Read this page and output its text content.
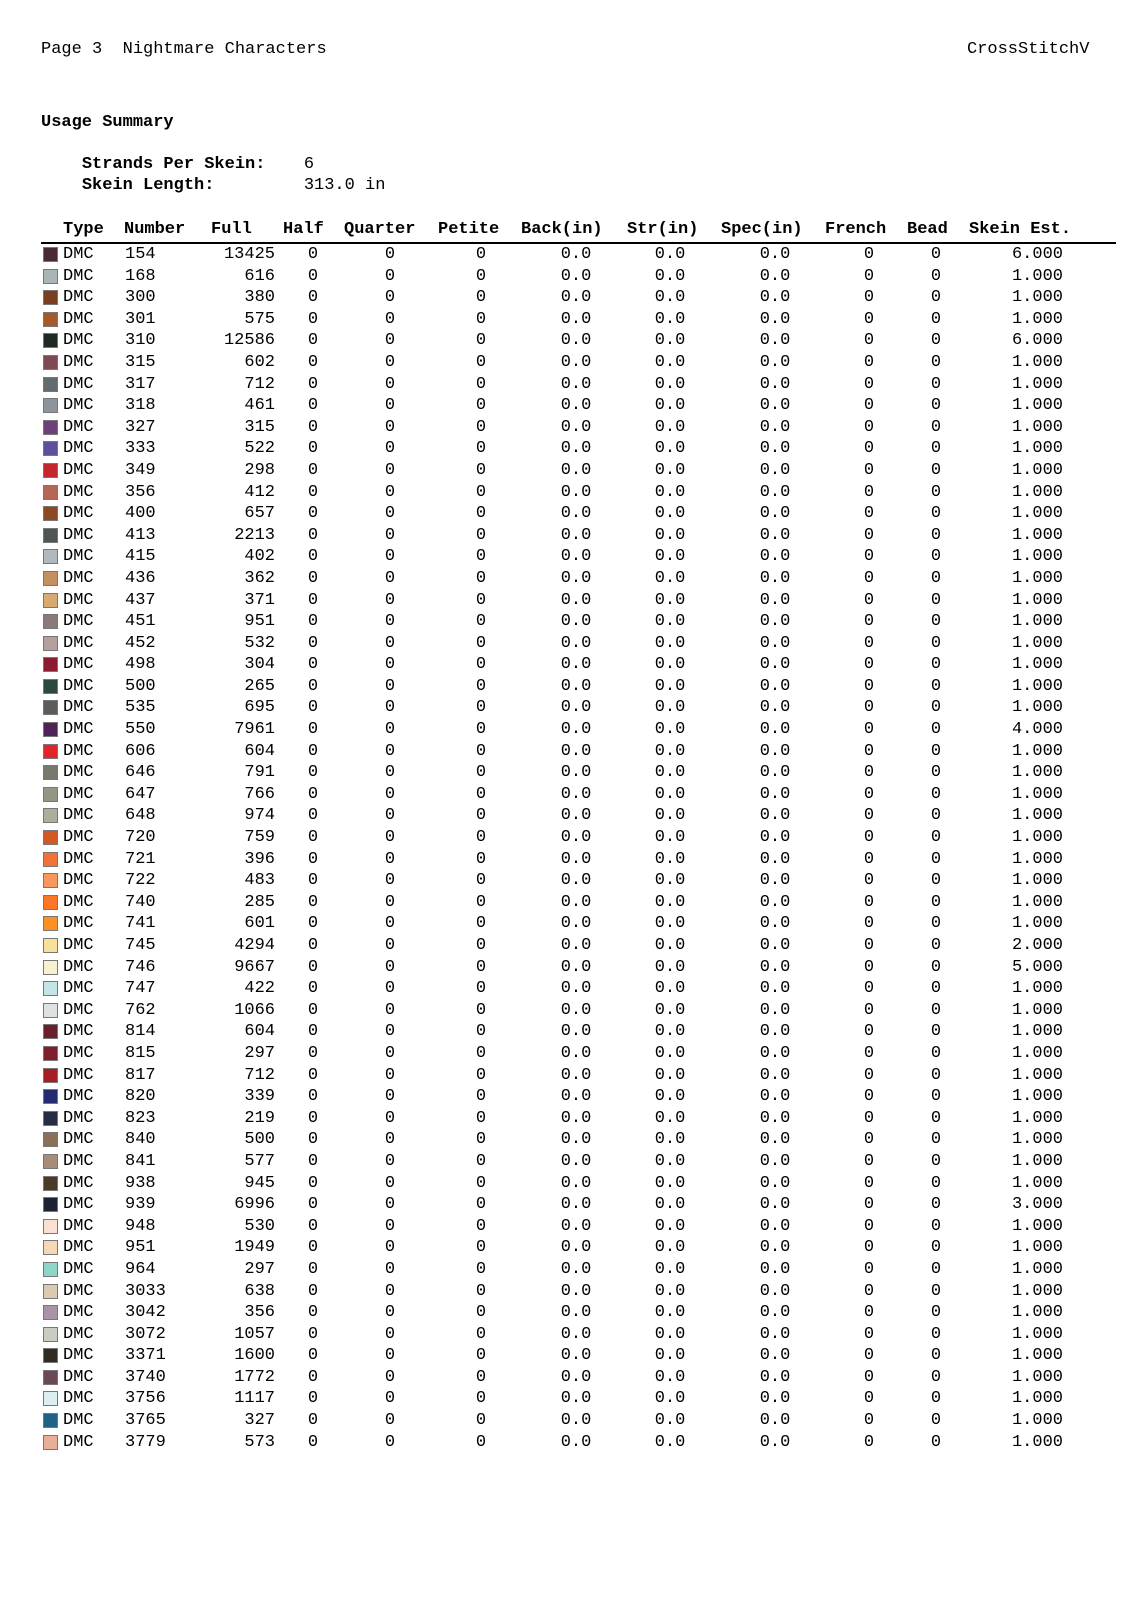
Page 3  Nightmare Characters	CrossStitchV
Usage Summary

Strands Per Skein: 6

Skein Length:	313.0 in

Type	Number	Full	Half	Quarter	Petite	Back(in)	Str(in)	Spec(in)	French	Bead	Skein Est.
DMC	154	13425	0	0	0	0.0	0.0	0.0	0	0	6.000
DMC	168	616	0	0	0	0.0	0.0	0.0	0	0	1.000
DMC	300	380	0	0	0	0.0	0.0	0.0	0	0	1.000
DMC	301	575	0	0	0	0.0	0.0	0.0	0	0	1.000
DMC	310	12586	0	0	0	0.0	0.0	0.0	0	0	6.000
DMC	315	602	0	0	0	0.0	0.0	0.0	0	0	1.000
DMC	317	712	0	0	0	0.0	0.0	0.0	0	0	1.000
DMC	318	461	0	0	0	0.0	0.0	0.0	0	0	1.000
DMC	327	315	0	0	0	0.0	0.0	0.0	0	0	1.000
DMC	333	522	0	0	0	0.0	0.0	0.0	0	0	1.000
DMC	349	298	0	0	0	0.0	0.0	0.0	0	0	1.000
DMC	356	412	0	0	0	0.0	0.0	0.0	0	0	1.000
DMC	400	657	0	0	0	0.0	0.0	0.0	0	0	1.000
DMC	413	2213	0	0	0	0.0	0.0	0.0	0	0	1.000
DMC	415	402	0	0	0	0.0	0.0	0.0	0	0	1.000
DMC	436	362	0	0	0	0.0	0.0	0.0	0	0	1.000
DMC	437	371	0	0	0	0.0	0.0	0.0	0	0	1.000
DMC	451	951	0	0	0	0.0	0.0	0.0	0	0	1.000
DMC	452	532	0	0	0	0.0	0.0	0.0	0	0	1.000
DMC	498	304	0	0	0	0.0	0.0	0.0	0	0	1.000
DMC	500	265	0	0	0	0.0	0.0	0.0	0	0	1.000
DMC	535	695	0	0	0	0.0	0.0	0.0	0	0	1.000
DMC	550	7961	0	0	0	0.0	0.0	0.0	0	0	4.000
DMC	606	604	0	0	0	0.0	0.0	0.0	0	0	1.000
DMC	646	791	0	0	0	0.0	0.0	0.0	0	0	1.000
DMC	647	766	0	0	0	0.0	0.0	0.0	0	0	1.000
DMC	648	974	0	0	0	0.0	0.0	0.0	0	0	1.000
DMC	720	759	0	0	0	0.0	0.0	0.0	0	0	1.000
DMC	721	396	0	0	0	0.0	0.0	0.0	0	0	1.000
DMC	722	483	0	0	0	0.0	0.0	0.0	0	0	1.000
DMC	740	285	0	0	0	0.0	0.0	0.0	0	0	1.000
DMC	741	601	0	0	0	0.0	0.0	0.0	0	0	1.000
DMC	745	4294	0	0	0	0.0	0.0	0.0	0	0	2.000
DMC	746	9667	0	0	0	0.0	0.0	0.0	0	0	5.000
DMC	747	422	0	0	0	0.0	0.0	0.0	0	0	1.000
DMC	762	1066	0	0	0	0.0	0.0	0.0	0	0	1.000
DMC	814	604	0	0	0	0.0	0.0	0.0	0	0	1.000
DMC	815	297	0	0	0	0.0	0.0	0.0	0	0	1.000
DMC	817	712	0	0	0	0.0	0.0	0.0	0	0	1.000
DMC	820	339	0	0	0	0.0	0.0	0.0	0	0	1.000
DMC	823	219	0	0	0	0.0	0.0	0.0	0	0	1.000
DMC	840	500	0	0	0	0.0	0.0	0.0	0	0	1.000
DMC	841	577	0	0	0	0.0	0.0	0.0	0	0	1.000
DMC	938	945	0	0	0	0.0	0.0	0.0	0	0	1.000
DMC	939	6996	0	0	0	0.0	0.0	0.0	0	0	3.000
DMC	948	530	0	0	0	0.0	0.0	0.0	0	0	1.000
DMC	951	1949	0	0	0	0.0	0.0	0.0	0	0	1.000
DMC	964	297	0	0	0	0.0	0.0	0.0	0	0	1.000
DMC	3033	638	0	0	0	0.0	0.0	0.0	0	0	1.000
DMC	3042	356	0	0	0	0.0	0.0	0.0	0	0	1.000
DMC	3072	1057	0	0	0	0.0	0.0	0.0	0	0	1.000
DMC	3371	1600	0	0	0	0.0	0.0	0.0	0	0	1.000
DMC	3740	1772	0	0	0	0.0	0.0	0.0	0	0	1.000
DMC	3756	1117	0	0	0	0.0	0.0	0.0	0	0	1.000
DMC	3765	327	0	0	0	0.0	0.0	0.0	0	0	1.000
DMC	3779	573	0	0	0	0.0	0.0	0.0	0	0	1.000
